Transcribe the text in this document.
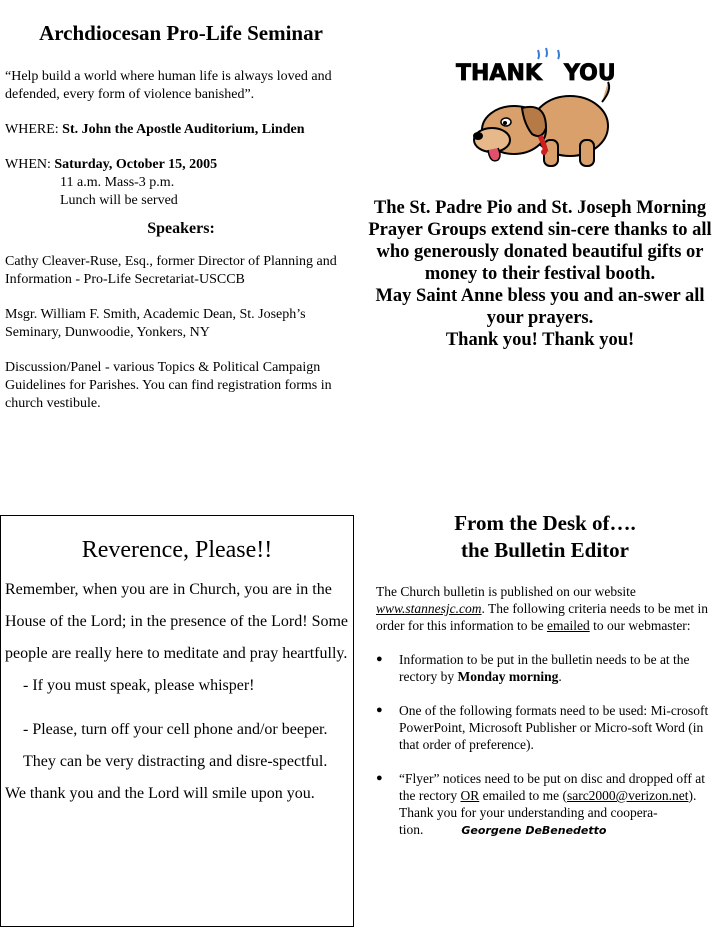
Archdiocesan Pro-Life Seminar

“Help build a world where human life is always loved and defended, every form of violence banished”.

WHERE: St. John the Apostle Auditorium, Linden

WHEN: Saturday, October 15, 2005

11 a.m. Mass-3 p.m.

Lunch will be served

Speakers:

Cathy Cleaver-Ruse, Esq., former Director of Planning and Information - Pro-Life Secretariat-USCCB

Msgr. William F. Smith, Academic Dean, St. Joseph’s Seminary, Dunwoodie, Yonkers, NY

Discussion/Panel - various Topics & Political Campaign Guidelines for Parishes. You can find registration forms in church vestibule.

THANK YOU

The St. Padre Pio and St. Joseph Morning Prayer Groups extend sin-cere thanks to all who generously donated beautiful gifts or money to their festival booth.

May Saint Anne bless you and an-swer all your prayers.

Thank you! Thank you!

Reverence, Please!!

Remember, when you are in Church, you are in the House of the Lord; in the presence of the Lord! Some people are really here to meditate and pray heartfully.

- If you must speak, please whisper!

- Please, turn off your cell phone and/or beeper. They can be very distracting and disre-spectful.

We thank you and the Lord will smile upon you.

From the Desk of….
the Bulletin Editor

The Church bulletin is published on our website www.stannesjc.com. The following criteria needs to be met in order for this information to be emailed to our webmaster:

● Information to be put in the bulletin needs to be at the rectory by Monday morning.
● One of the following formats need to be used: Mi-crosoft PowerPoint, Microsoft Publisher or Micro-soft Word (in that order of preference).
● “Flyer” notices need to be put on disc and dropped off at the rectory OR emailed to me (sarc2000@verizon.net).
Thank you for your understanding and coopera-tion.	Georgene DeBenedetto
